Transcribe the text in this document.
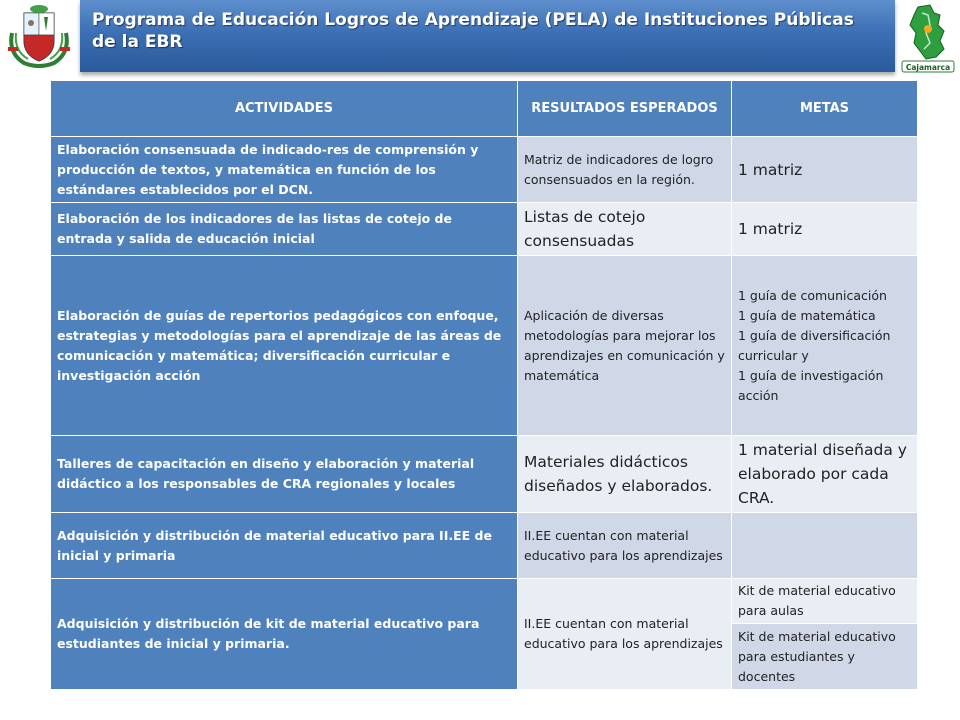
Programa de Educación Logros de Aprendizaje (PELA) de Instituciones Públicas de la EBR
Cajamarca
ACTIVIDADES	RESULTADOS ESPERADOS	METAS
Elaboración consensuada de indicado-res de comprensión y producción de textos, y matemática en función de los estándares establecidos por el DCN.	Matriz de indicadores de logro consensuados en la región.	1 matriz
Elaboración de los indicadores de las listas de cotejo de entrada y salida de educación inicial	Listas de cotejo consensuadas	1 matriz
Elaboración de guías de repertorios pedagógicos con enfoque, estrategias y metodologías para el aprendizaje de las áreas de comunicación y matemática; diversificación curricular e investigación acción	Aplicación de diversas metodologías para mejorar los aprendizajes en comunicación y matemática	1 guía de comunicación
1 guía de matemática
1 guía de diversificación curricular y
1 guía de investigación acción

Talleres de capacitación en diseño y elaboración y material didáctico a los responsables de CRA regionales y locales	Materiales didácticos diseñados y elaborados.	1 material diseñada y elaborado por cada CRA.
Adquisición y distribución de material educativo para II.EE de inicial y primaria	II.EE cuentan con material educativo para los aprendizajes	
Adquisición y distribución de kit de material educativo para estudiantes de inicial y primaria.	II.EE cuentan con material educativo para los aprendizajes	Kit de material educativo para aulas
		Kit de material educativo para estudiantes y docentes
